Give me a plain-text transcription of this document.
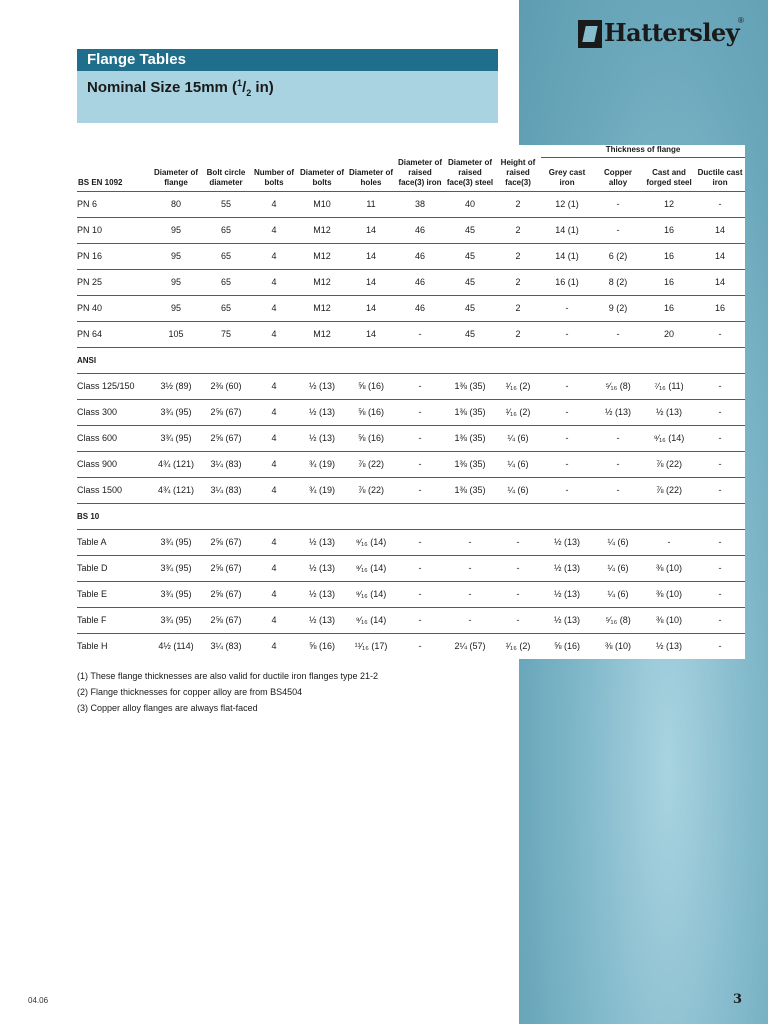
Hattersley
®
Flange Tables
Nominal Size 15mm ($^1/_2$ in)
									Thickness of flange			
BS EN 1092	Diameter of flange	Bolt circle diameter	Number of bolts	Diameter of bolts	Diameter of holes	Diameter of raised face(3) iron	Diameter of raised face(3) steel	Height of raised face(3)	Grey cast iron	Copper alloy	Cast and forged steel	Ductile cast iron
PN 6	80	55	4	M10	11	38	40	2	12 (1)	-	12	-
PN 10	95	65	4	M12	14	46	45	2	14 (1)	-	16	14
PN 16	95	65	4	M12	14	46	45	2	14 (1)	6 (2)	16	14
PN 25	95	65	4	M12	14	46	45	2	16 (1)	8 (2)	16	14
PN 40	95	65	4	M12	14	46	45	2	-	9 (2)	16	16
PN 64	105	75	4	M12	14	-	45	2	-	-	20	-
ANSI												
Class 125/150	3½ (89)	2⅜ (60)	4	½ (13)	⅝ (16)	-	1⅜ (35)	¹⁄₁₆ (2)	-	⁵⁄₁₆ (8)	⁷⁄₁₆ (11)	-
Class 300	3¾ (95)	2⅝ (67)	4	½ (13)	⅝ (16)	-	1⅜ (35)	¹⁄₁₆ (2)	-	½ (13)	½ (13)	-
Class 600	3¾ (95)	2⅝ (67)	4	½ (13)	⅝ (16)	-	1⅜ (35)	¼ (6)	-	-	⁹⁄₁₆ (14)	-
Class 900	4¾ (121)	3¼ (83)	4	¾ (19)	⅞ (22)	-	1⅜ (35)	¼ (6)	-	-	⅞ (22)	-
Class 1500	4¾ (121)	3¼ (83)	4	¾ (19)	⅞ (22)	-	1⅜ (35)	¼ (6)	-	-	⅞ (22)	-
BS 10												
Table A	3¾ (95)	2⅝ (67)	4	½ (13)	⁹⁄₁₆ (14)	-	-	-	½ (13)	¼ (6)	-	-
Table D	3¾ (95)	2⅝ (67)	4	½ (13)	⁹⁄₁₆ (14)	-	-	-	½ (13)	¼ (6)	⅜ (10)	-
Table E	3¾ (95)	2⅝ (67)	4	½ (13)	⁹⁄₁₆ (14)	-	-	-	½ (13)	¼ (6)	⅜ (10)	-
Table F	3¾ (95)	2⅝ (67)	4	½ (13)	⁹⁄₁₆ (14)	-	-	-	½ (13)	⁵⁄₁₆ (8)	⅜ (10)	-
Table H	4½ (114)	3¼ (83)	4	⅝ (16)	¹¹⁄₁₆ (17)	-	2¼ (57)	¹⁄₁₆ (2)	⅝ (16)	⅜ (10)	½ (13)	-
(1) These flange thicknesses are also valid for ductile iron flanges type 21-2
(2) Flange thicknesses for copper alloy are from BS4504
(3) Copper alloy flanges are always flat-faced
04.06	3
